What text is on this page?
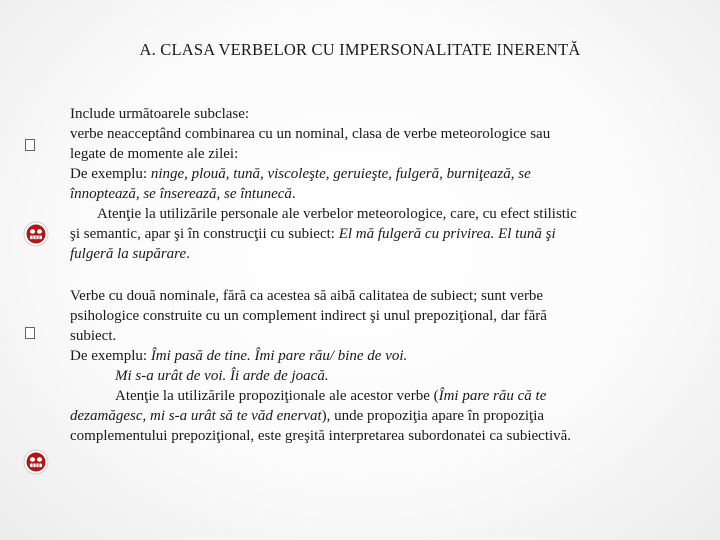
A. CLASA VERBELOR CU IMPERSONALITATE INERENTĂ
Include următoarele subclase:
verbe neacceptând combinarea cu un nominal, clasa de verbe meteorologice sau
legate de momente ale zilei:
De exemplu: ninge, plouă, tună, viscoleşte, geruieşte, fulgeră, burniţează, se
înnoptează, se înserează, se întunecă.
Atenţie la utilizările personale ale verbelor meteorologice, care, cu efect stilistic
şi semantic, apar şi în construcţii cu subiect: El mă fulgeră cu privirea. El tună şi
fulgeră la supărare.
Verbe cu două nominale, fără ca acestea să aibă calitatea de subiect; sunt verbe
psihologice construite cu un complement indirect şi unul prepoziţional, dar fără
subiect.
De exemplu: Îmi pasă de tine. Îmi pare rău/ bine de voi.
Mi s-a urât de voi. Îi arde de joacă.
Atenţie la utilizările propoziţionale ale acestor verbe (Îmi pare rău că te
dezamăgesc, mi s-a urât să te văd enervat), unde propoziţia apare în propoziţia
complementului prepoziţional, este greşită interpretarea subordonatei ca subiectivă.
